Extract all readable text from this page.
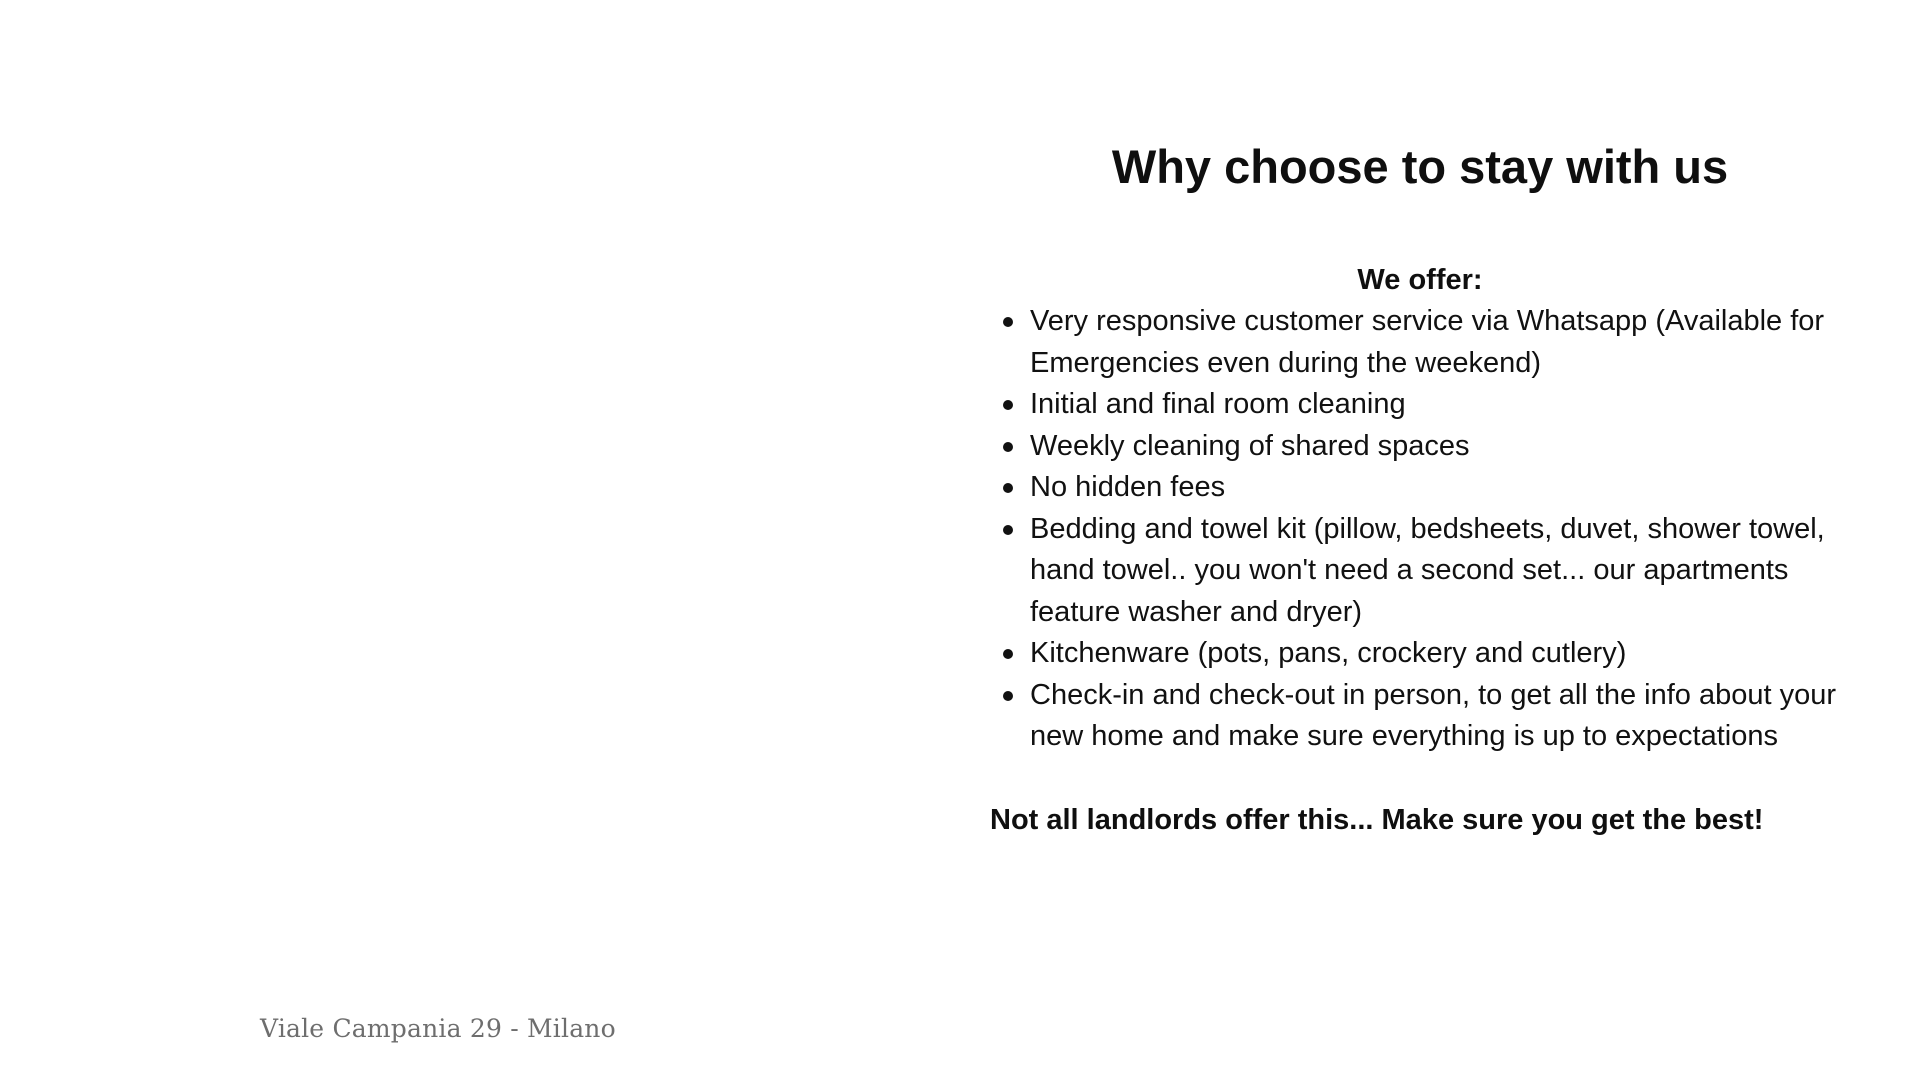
Why choose to stay with us
We offer:
Very responsive customer service via Whatsapp (Available for Emergencies even during the weekend)
Initial and final room cleaning
Weekly cleaning of shared spaces
No hidden fees
Bedding and towel kit (pillow, bedsheets, duvet, shower towel, hand towel.. you won't need a second set... our apartments feature washer and dryer)
Kitchenware (pots, pans, crockery and cutlery)
Check-in and check-out in person, to get all the info about your new home and make sure everything is up to expectations
Not all landlords offer this... Make sure you get the best!
Viale Campania 29 - Milano
